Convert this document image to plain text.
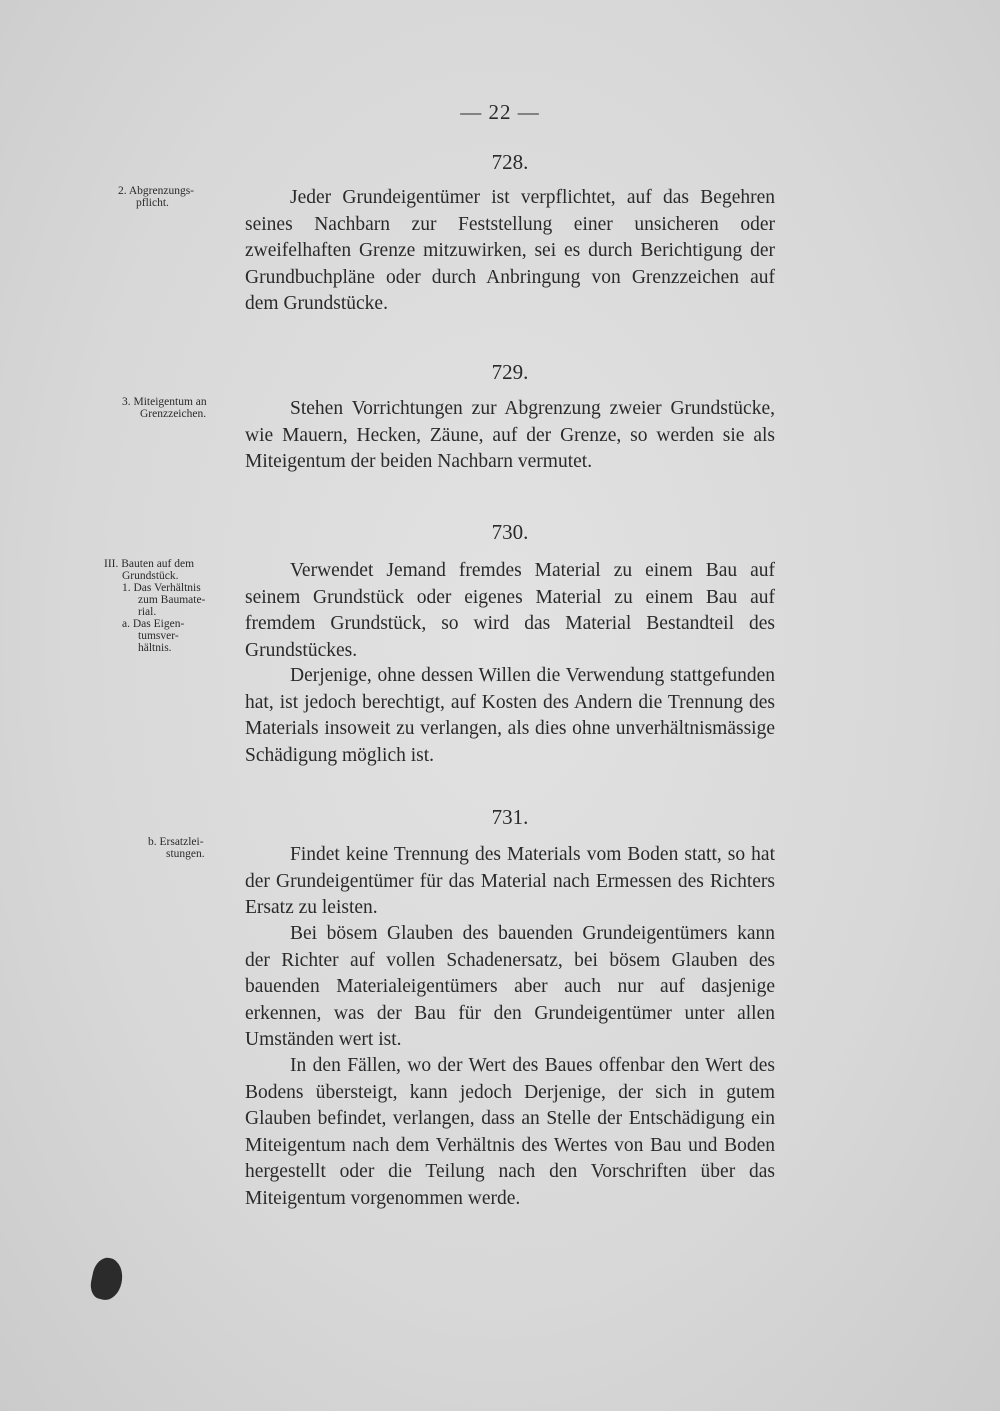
— 22 —
728.
2. Abgrenzungs-
pflicht.	Jeder Grundeigentümer ist verpflichtet, auf das Begehren seines Nachbarn zur Feststellung einer unsicheren oder zweifelhaften Grenze mitzuwirken, sei es durch Berichtigung der Grundbuchpläne oder durch Anbringung von Grenzzeichen auf dem Grundstücke.
729.
3. Miteigentum an
Grenzzeichen.	Stehen Vorrichtungen zur Abgrenzung zweier Grundstücke, wie Mauern, Hecken, Zäune, auf der Grenze, so werden sie als Miteigentum der beiden Nachbarn vermutet.
730.
III. Bauten auf dem
Grundstück.
1. Das Verhältnis
zum Baumate-
rial.
a. Das Eigen-
tumsver-
hältnis.
Verwendet Jemand fremdes Material zu einem Bau auf seinem Grundstück oder eigenes Material zu einem Bau auf fremdem Grundstück, so wird das Material Bestandteil des Grundstückes.
Derjenige, ohne dessen Willen die Verwendung stattgefunden hat, ist jedoch berechtigt, auf Kosten des Andern die Trennung des Materials insoweit zu verlangen, als dies ohne unverhältnismässige Schädigung möglich ist.
731.
b. Ersatzlei-
stungen.	Findet keine Trennung des Materials vom Boden statt, so hat der Grundeigentümer für das Material nach Ermessen des Richters Ersatz zu leisten.
Bei bösem Glauben des bauenden Grundeigentümers kann der Richter auf vollen Schadenersatz, bei bösem Glauben des bauenden Materialeigentümers aber auch nur auf dasjenige erkennen, was der Bau für den Grundeigentümer unter allen Umständen wert ist.
In den Fällen, wo der Wert des Baues offenbar den Wert des Bodens übersteigt, kann jedoch Derjenige, der sich in gutem Glauben befindet, verlangen, dass an Stelle der Entschädigung ein Miteigentum nach dem Verhältnis des Wertes von Bau und Boden hergestellt oder die Teilung nach den Vorschriften über das Miteigentum vorgenommen werde.
